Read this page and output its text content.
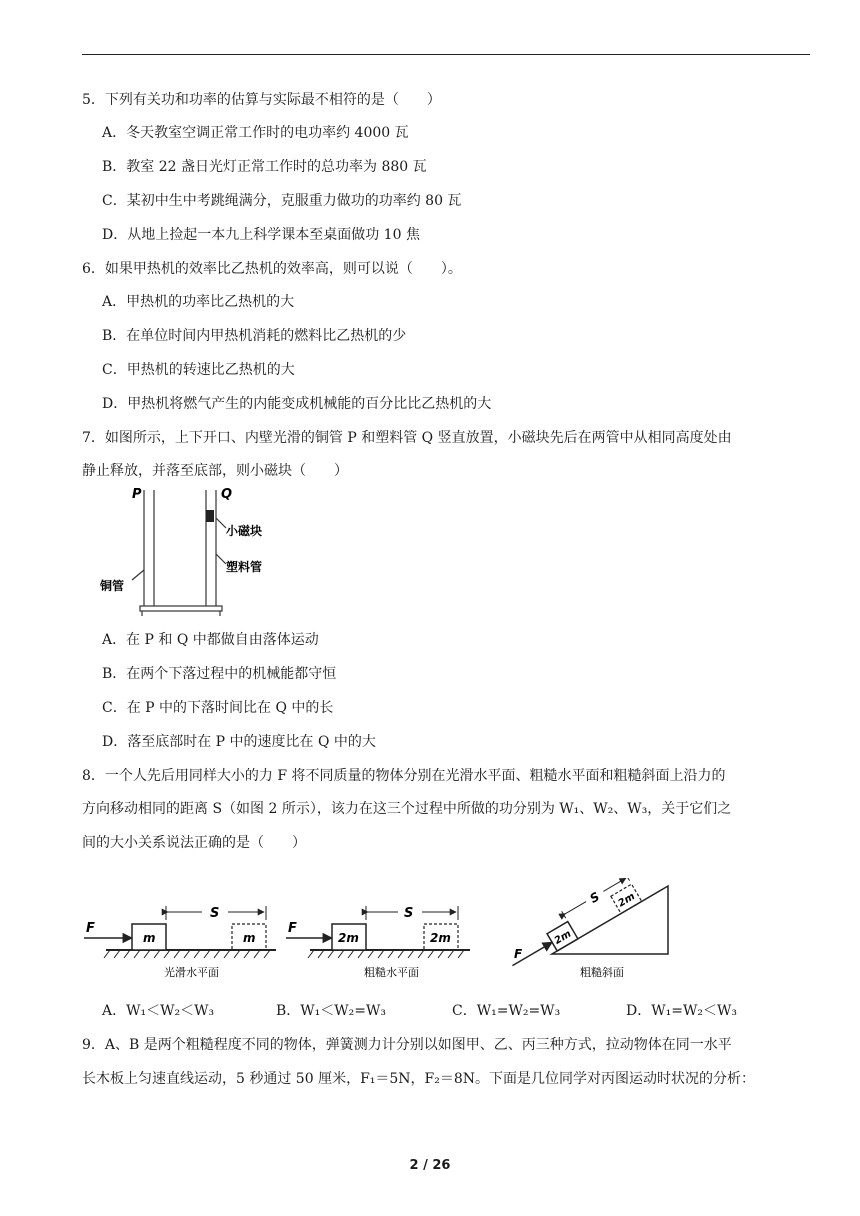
5．下列有关功和功率的估算与实际最不相符的是（　　）
A．冬天教室空调正常工作时的电功率约 4000 瓦
B．教室 22 盏日光灯正常工作时的总功率为 880 瓦
C．某初中生中考跳绳满分，克服重力做功的功率约 80 瓦
D．从地上捡起一本九上科学课本至桌面做功 10 焦
6．如果甲热机的效率比乙热机的效率高，则可以说（　　）。
A．甲热机的功率比乙热机的大
B．在单位时间内甲热机消耗的燃料比乙热机的少
C．甲热机的转速比乙热机的大
D．甲热机将燃气产生的内能变成机械能的百分比比乙热机的大
7．如图所示，上下开口、内壁光滑的铜管 P 和塑料管 Q 竖直放置，小磁块先后在两管中从相同高度处由
静止释放，并落至底部，则小磁块（　　）
P	Q
小磁块
塑料管
铜管
A．在 P 和 Q 中都做自由落体运动
B．在两个下落过程中的机械能都守恒
C．在 P 中的下落时间比在 Q 中的长
D．落至底部时在 P 中的速度比在 Q 中的大
8．一个人先后用同样大小的力 F 将不同质量的物体分别在光滑水平面、粗糙水平面和粗糙斜面上沿力的
方向移动相同的距离 S（如图 2 所示），该力在这三个过程中所做的功分别为 W₁、W₂、W₃，关于它们之
间的大小关系说法正确的是（　　）
F
m	m
S
光滑水平面
F
2m	2m
S
粗糙水平面
2m
2m
S
F
粗糙斜面
A．W₁＜W₂＜W₃	B．W₁＜W₂=W₃	C．W₁=W₂=W₃	D．W₁=W₂＜W₃
9．A、B 是两个粗糙程度不同的物体，弹簧测力计分别以如图甲、乙、丙三种方式，拉动物体在同一水平
长木板上匀速直线运动，5 秒通过 50 厘米，F₁＝5N，F₂＝8N。下面是几位同学对丙图运动时状况的分析：
2 / 26
